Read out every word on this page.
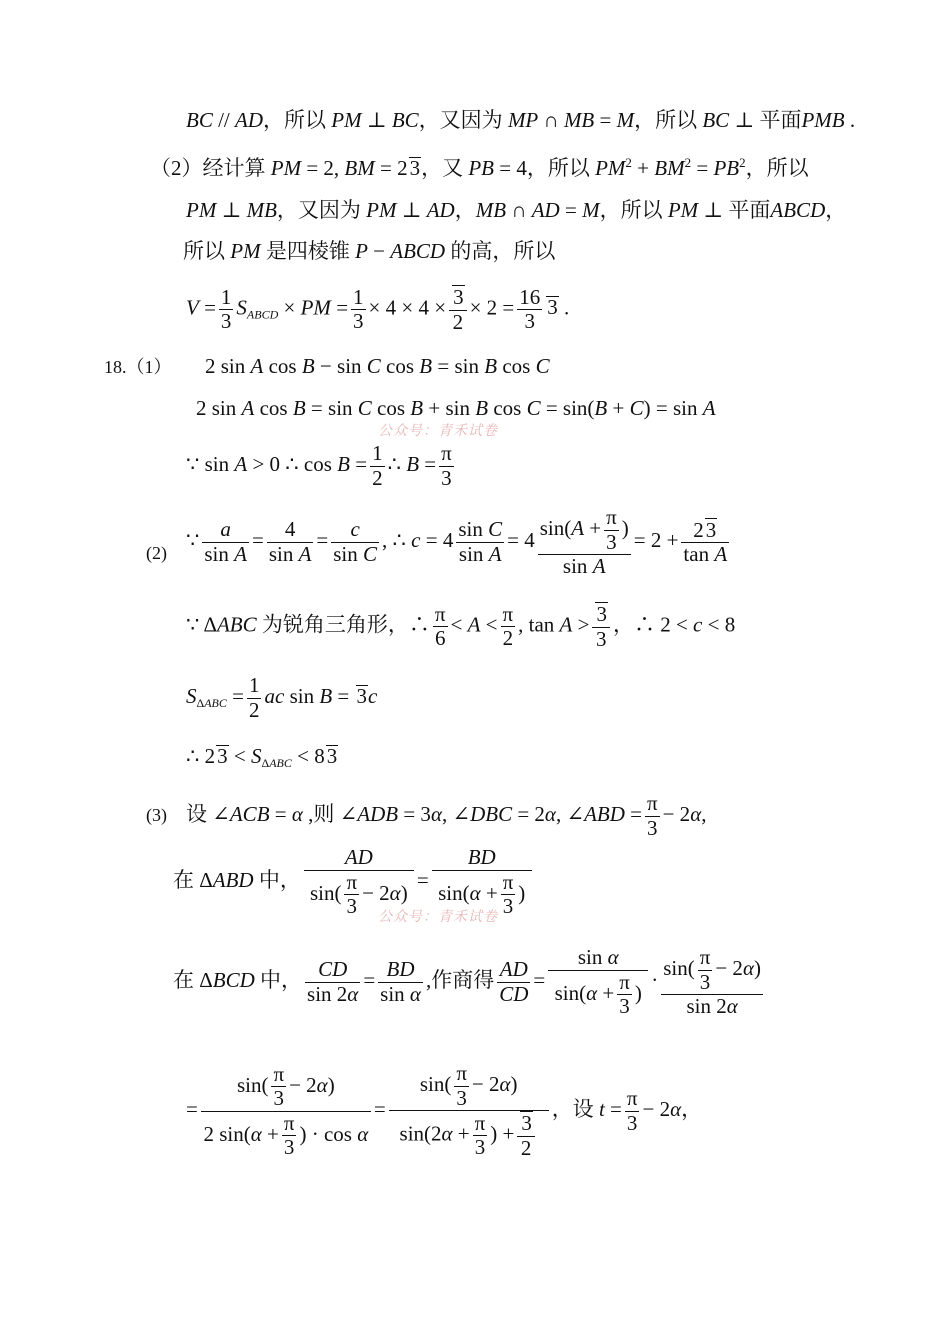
BC // AD，所以 PM ⊥ BC，又因为 MP ∩ MB = M，所以 BC ⊥ 平面PMB .
（2）经计算 PM = 2, BM = 23，又 PB = 4，所以 $PM^2 + BM^2 = PB^2$，所以
PM ⊥ MB，又因为 PM ⊥ AD，MB ∩ AD = M，所以 PM ⊥ 平面ABCD，
所以 PM 是四棱锥 P − ABCD 的高，所以
$V = \frac{1}{3} S_{ABCD}$ × PM = $\frac{1}{3} \times 4 \times 4 \times \frac{3}{2} \times 2 = \frac{16}{3} 3$ .
18.（1） 2 sin A cos B − sin C cos B = sin B cos C
2 sin A cos B = sin C cos B + sin B cos C = sin(B + C) = sin A
公众号：青禾试卷
∵ sin A > 0 ∴ $\cos B = \frac{1}{2}$ ∴ $B = \frac{\pi}{3}$
(2)
∵ $\frac{a}{\text{sin A}} = \frac{4}{\text{sin A}} = \frac{c}{\text{sin C}}$ , ∴ $c = 4 \frac{\text{sin C}}{\text{sin A}} = 4 \frac{\sin(A + \frac{\pi}{3} )}{\text{sin A}} = 2 + \frac{23}{\text{tan A}}$
∵ ΔABC 为锐角三角形，∴ $\frac{\pi}{6} < A < \frac{\pi}{2}$ , $\tan A > \frac{3}{3}$ ，∴ 2 < c < 8
$S_{\Delta ABC} = \frac{1}{2}$ ac sin B = 3c
∴ $23 < S_{\Delta ABC} < 83$
(3) 设 ∠ACB = α ,则 ∠ADB = 3α, ∠DBC = 2α, ∠ABD = $\frac{\pi}{3} - 2\alpha$,
在 ΔABD 中， $\frac{AD}{\sin( \frac{\pi}{3} - 2\alpha)} = \frac{BD}{\sin(\alpha + \frac{\pi}{3} )}$
公众号：青禾试卷
在 ΔBCD 中， $\frac{CD}{\sin 2\alpha} = \frac{BD}{\text{sin α}}$ ,作商得 $\frac{AD}{CD} = \frac{\text{sin α}}{\sin(\alpha + \frac{\pi}{3} )} \cdot \frac{\sin( \frac{\pi}{3} - 2\alpha)}{\sin 2\alpha}$
= $\frac{\sin( \frac{\pi}{3} - 2\alpha)}{2 \sin(\alpha + \frac{\pi}{3} ) \cdot \cos \alpha} = \frac{\sin( \frac{\pi}{3} - 2\alpha)}{\sin(2\alpha + \frac{\pi}{3} ) + \frac{3}{2}}$ ，设 $t = \frac{\pi}{3} - 2\alpha$，
